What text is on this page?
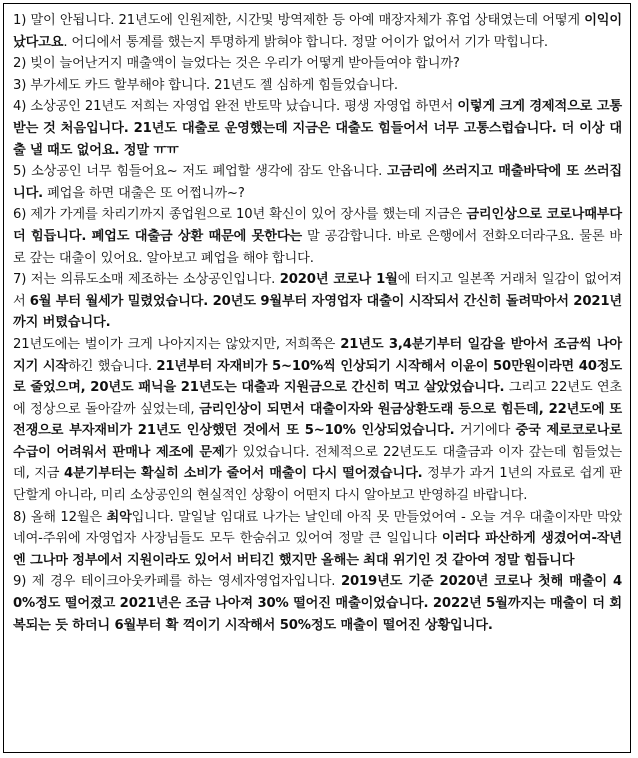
1) 말이 안됩니다. 21년도에 인원제한, 시간및 방역제한 등 아예 매장자체가 휴업 상태였는데 어떻게 이익이 났다고요. 어디에서 통계를 했는지 투명하게 밝혀야 합니다. 정말 어이가 없어서 기가 막힙니다.

2) 빚이 늘어난거지 매출액이 늘었다는 것은 우리가 어떻게 받아들여야 합니까?

3) 부가세도 카드 할부해야 합니다. 21년도 젤 심하게 힘들었습니다.

4) 소상공인 21년도 저희는 자영업 완전 반토막 났습니다. 평생 자영업 하면서 이렇게 크게 경제적으로 고통받는 것 처음입니다. 21년도 대출로 운영했는데 지금은 대출도 힘들어서 너무 고통스럽습니다. 더 이상 대출 낼 때도 없어요. 정말 ㅠㅠ

5) 소상공인 너무 힘들어요~ 저도 폐업할 생각에 잠도 안옵니다. 고금리에 쓰러지고 매출바닥에 또 쓰러집니다. 폐업을 하면 대출은 또 어쩝니까~?

6) 제가 가게를 차리기까지 종업원으로 10년 확신이 있어 장사를 했는데 지금은 금리인상으로 코로나때부다 더 힘듭니다. 폐업도 대출금 상환 때문에 못한다는 말 공감합니다. 바로 은행에서 전화오더라구요. 물론 바로 갚는 대출이 있어요. 알아보고 폐업을 해야 합니다.

7) 저는 의류도소매 제조하는 소상공인입니다. 2020년 코로나 1월에 터지고 일본쪽 거래처 일감이 없어져서 6월 부터 월세가 밀렸었습니다. 20년도 9월부터 자영업자 대출이 시작되서 간신히 돌려막아서 2021년까지 버텼습니다.

21년도에는 벌이가 크게 나아지지는 않았지만, 저희쪽은 21년도 3,4분기부터 일감을 받아서 조금씩 나아지기 시작하긴 했습니다. 21년부터 자재비가 5~10%씩 인상되기 시작해서 이윤이 50만원이라면 40정도로 줄었으며, 20년도 패닉을 21년도는 대출과 지원금으로 간신히 먹고 살았었습니다. 그리고 22년도 연초에 정상으로 돌아갈까 싶었는데, 금리인상이 되면서 대출이자와 원금상환도래 등으로 힘든데, 22년도에 또 전쟁으로 부자재비가 21년도 인상했던 것에서 또 5~10% 인상되었습니다. 거기에다 중국 제로코로나로 수급이 어려워서 판매나 제조에 문제가 있었습니다. 전체적으로 22년도도 대출금과 이자 갚는데 힘들었는데, 지금 4분기부터는 확실히 소비가 줄어서 매출이 다시 떨어졌습니다. 정부가 과거 1년의 자료로 쉽게 판단할게 아니라, 미리 소상공인의 현실적인 상황이 어떤지 다시 알아보고 반영하길 바랍니다.

8) 올해 12월은 최악입니다. 말일날 임대료 나가는 날인데 아직 못 만들었어여 - 오늘 겨우 대출이자만 막았네여-주위에 자영업자 사장님들도 모두 한숨쉬고 있어여 정말 큰 일입니다 이러다 파산하게 생겼어여-작년엔 그나마 정부에서 지원이라도 있어서 버티긴 했지만 올해는 최대 위기인 것 같아여 정말 힘듭니다

9) 제 경우 테이크아웃카페를 하는 영세자영업자입니다. 2019년도 기준 2020년 코로나 첫해 매출이 40%정도 떨어졌고 2021년은 조금 나아져 30% 떨어진 매출이었습니다. 2022년 5월까지는 매출이 더 회복되는 듯 하더니 6월부터 확 꺽이기 시작해서 50%정도 매출이 떨어진 상황입니다.
